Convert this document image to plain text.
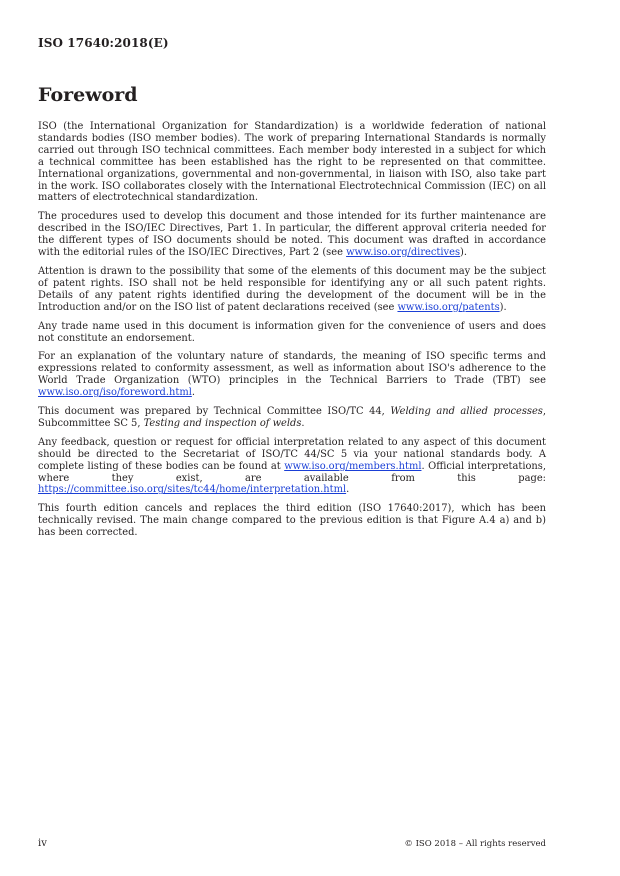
ISO 17640:2018(E)
Foreword

ISO (the International Organization for Standardization) is a worldwide federation of national standards bodies (ISO member bodies). The work of preparing International Standards is normally carried out through ISO technical committees. Each member body interested in a subject for which a technical committee has been established has the right to be represented on that committee. International organizations, governmental and non-governmental, in liaison with ISO, also take part in the work. ISO collaborates closely with the International Electrotechnical Commission (IEC) on all matters of electrotechnical standardization.

The procedures used to develop this document and those intended for its further maintenance are described in the ISO/IEC Directives, Part 1. In particular, the different approval criteria needed for the different types of ISO documents should be noted. This document was drafted in accordance with the editorial rules of the ISO/IEC Directives, Part 2 (see www.iso.org/directives).

Attention is drawn to the possibility that some of the elements of this document may be the subject of patent rights. ISO shall not be held responsible for identifying any or all such patent rights. Details of any patent rights identified during the development of the document will be in the Introduction and/or on the ISO list of patent declarations received (see www.iso.org/patents).

Any trade name used in this document is information given for the convenience of users and does not constitute an endorsement.

For an explanation of the voluntary nature of standards, the meaning of ISO specific terms and expressions related to conformity assessment, as well as information about ISO's adherence to the World Trade Organization (WTO) principles in the Technical Barriers to Trade (TBT) see www.iso.org/iso/foreword.html.

This document was prepared by Technical Committee ISO/TC 44, Welding and allied processes, Subcommittee SC 5, Testing and inspection of welds.

Any feedback, question or request for official interpretation related to any aspect of this document should be directed to the Secretariat of ISO/TC 44/SC 5 via your national standards body. A complete listing of these bodies can be found at www.iso.org/members.html. Official interpretations, where they exist, are available from this page: https://committee.iso.org/sites/tc44/home/interpretation.html.

This fourth edition cancels and replaces the third edition (ISO 17640:2017), which has been technically revised. The main change compared to the previous edition is that Figure A.4 a) and b) has been corrected.

iv	© ISO 2018 – All rights reserved
